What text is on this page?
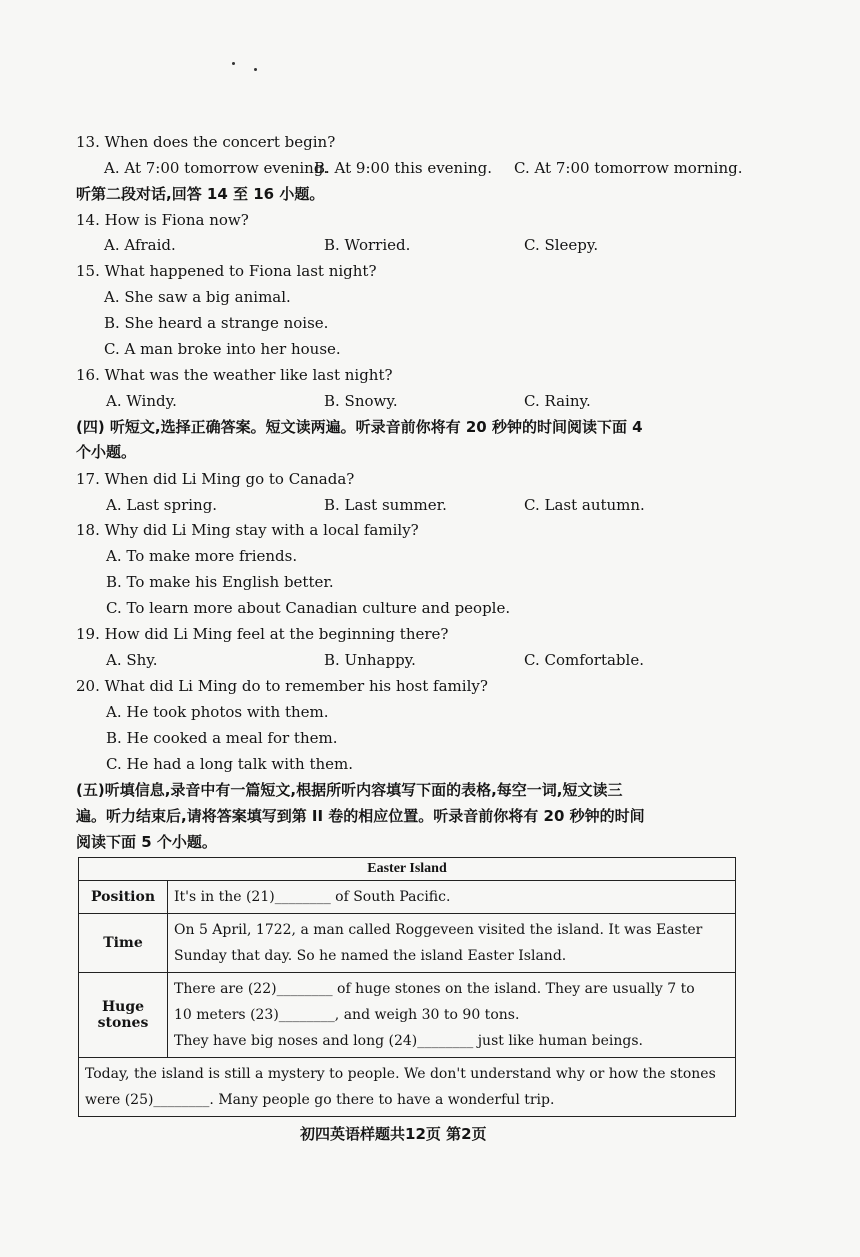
13. When does the concert begin?
A. At 7:00 tomorrow evening.
B. At 9:00 this evening. C. At 7:00 tomorrow morning.
听第二段对话,回答 14 至 16 小题。
14. How is Fiona now?
A. Afraid.	B. Worried.	C. Sleepy.
15. What happened to Fiona last night?
A. She saw a big animal.
B. She heard a strange noise.
C. A man broke into her house.
16. What was the weather like last night?
A. Windy.	B. Snowy.	C. Rainy.
(四) 听短文,选择正确答案。短文读两遍。听录音前你将有 20 秒钟的时间阅读下面 4
个小题。
17. When did Li Ming go to Canada?
A. Last spring.	B. Last summer.	C. Last autumn.
18. Why did Li Ming stay with a local family?
A. To make more friends.
B. To make his English better.
C. To learn more about Canadian culture and people.
19. How did Li Ming feel at the beginning there?
A. Shy.	B. Unhappy.	C. Comfortable.
20. What did Li Ming do to remember his host family?
A. He took photos with them.
B. He cooked a meal for them.
C. He had a long talk with them.
(五)听填信息,录音中有一篇短文,根据所听内容填写下面的表格,每空一词,短文读三
遍。听力结束后,请将答案填写到第 II 卷的相应位置。听录音前你将有 20 秒钟的时间
阅读下面 5 个小题。
Easter Island	
Position	It's in the (21)________ of South Pacific.

Time	On 5 April, 1722, a man called Roggeveen visited the island. It was Easter

Sunday that day. So he named the island Easter Island.

Huge stones	There are (22)________ of huge stones on the island. They are usually 7 to

10 meters (23)________, and weigh 30 to 90 tons.

They have big noses and long (24)________ just like human beings.

Today, the island is still a mystery to people. We don't understand why or how the stones

were (25)________. Many people go there to have a wonderful trip.	

初四英语样题共12页 第2页
